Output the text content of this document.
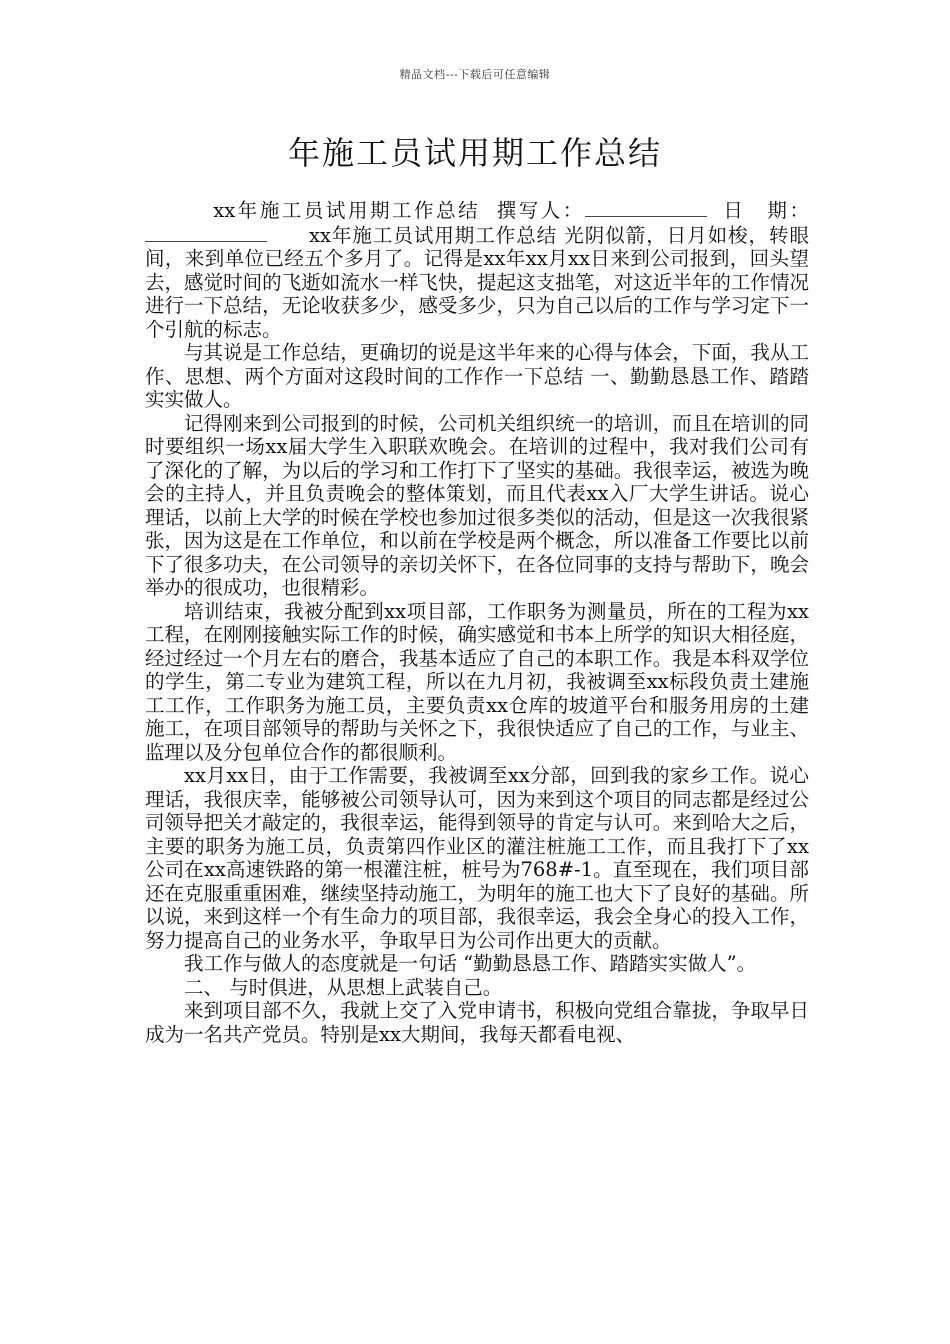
精品文档---下载后可任意编辑
年施工员试用期工作总结

xx年施工员试用期工作总结 撰写人：	日　期：xx年施工员试用期工作总结 光阴似箭，日月如梭，转眼间，来到单位已经五个多月了。记得是xx年xx月xx日来到公司报到，回头望去，感觉时间的飞逝如流水一样飞快，提起这支拙笔，对这近半年的工作情况进行一下总结，无论收获多少，感受多少，只为自己以后的工作与学习定下一个引航的标志。

与其说是工作总结，更确切的说是这半年来的心得与体会，下面，我从工作、思想、两个方面对这段时间的工作作一下总结 一、勤勤恳恳工作、踏踏实实做人。

记得刚来到公司报到的时候，公司机关组织统一的培训，而且在培训的同时要组织一场xx届大学生入职联欢晚会。在培训的过程中，我对我们公司有了深化的了解，为以后的学习和工作打下了坚实的基础。我很幸运，被选为晚会的主持人，并且负责晚会的整体策划，而且代表xx入厂大学生讲话。说心理话，以前上大学的时候在学校也参加过很多类似的活动，但是这一次我很紧张，因为这是在工作单位，和以前在学校是两个概念，所以准备工作要比以前下了很多功夫，在公司领导的亲切关怀下，在各位同事的支持与帮助下，晚会举办的很成功，也很精彩。

培训结束，我被分配到xx项目部，工作职务为测量员，所在的工程为xx工程，在刚刚接触实际工作的时候，确实感觉和书本上所学的知识大相径庭，经过经过一个月左右的磨合，我基本适应了自己的本职工作。我是本科双学位的学生，第二专业为建筑工程，所以在九月初，我被调至xx标段负责土建施工工作，工作职务为施工员，主要负责xx仓库的坡道平台和服务用房的土建施工，在项目部领导的帮助与关怀之下，我很快适应了自己的工作，与业主、监理以及分包单位合作的都很顺利。

xx月xx日，由于工作需要，我被调至xx分部，回到我的家乡工作。说心理话，我很庆幸，能够被公司领导认可，因为来到这个项目的同志都是经过公司领导把关才敲定的，我很幸运，能得到领导的肯定与认可。来到哈大之后，主要的职务为施工员，负责第四作业区的灌注桩施工工作，而且我打下了xx公司在xx高速铁路的第一根灌注桩，桩号为768#-1。直至现在，我们项目部还在克服重重困难，继续坚持动施工，为明年的施工也大下了良好的基础。所以说，来到这样一个有生命力的项目部，我很幸运，我会全身心的投入工作，努力提高自己的业务水平，争取早日为公司作出更大的贡献。

我工作与做人的态度就是一句话 “勤勤恳恳工作、踏踏实实做人”。

二、 与时俱进，从思想上武装自己。

来到项目部不久，我就上交了入党申请书，积极向党组合靠拢，争取早日成为一名共产党员。特别是xx大期间，我每天都看电视、
